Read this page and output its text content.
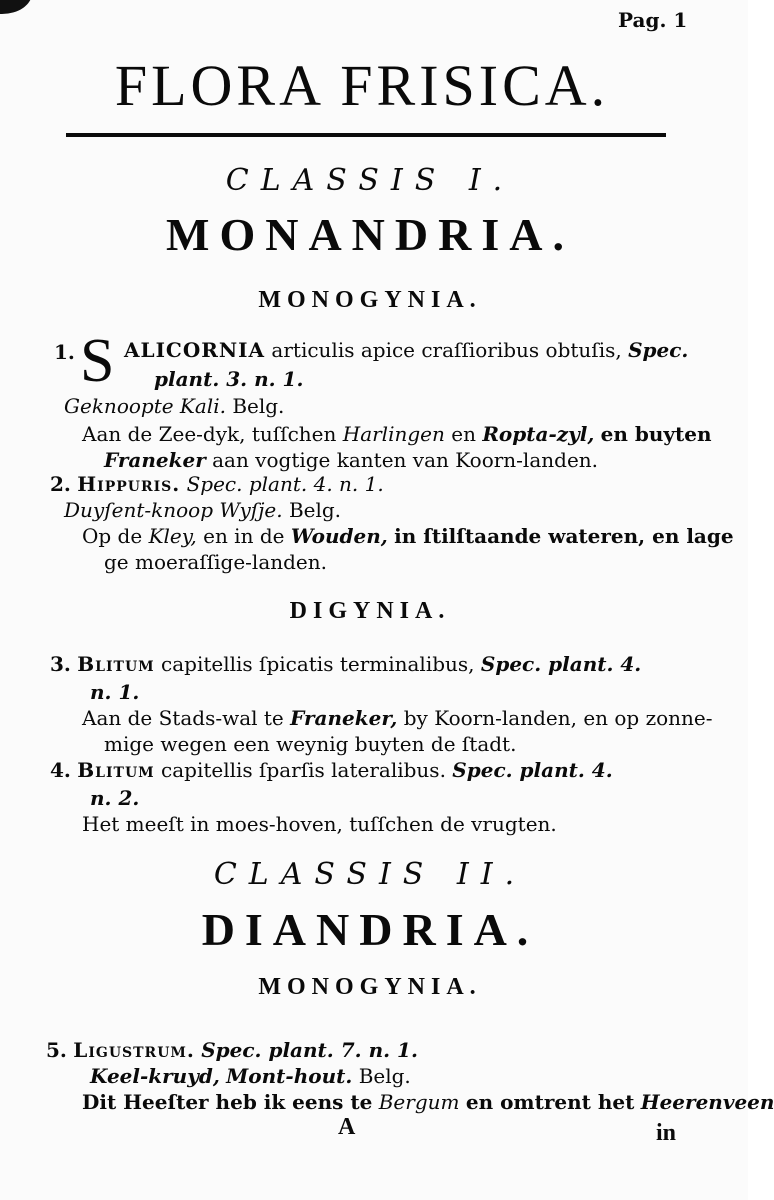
Pag. 1
FLORA FRISICA.
CLASSIS I.
MONANDRIA.
MONOGYNIA.
1. S ALICORNIA articulis apice craſſioribus obtuſis, Spec.
plant. 3. n. 1.
Geknoopte Kali. Belg.
Aan de Zee-dyk, tuſſchen Harlingen en Ropta-zyl, en buyten
Franeker aan vogtige kanten van Koorn-landen.
2. Hippuris. Spec. plant. 4. n. 1.
Duyſent-knoop Wyſje. Belg.
Op de Kley, en in de Wouden, in ſtilſtaande wateren, en lage
ge moeraſſige-landen.
DIGYNIA.
3. Blitum capitellis ſpicatis terminalibus, Spec. plant. 4.
n. 1.
Aan de Stads-wal te Franeker, by Koorn-landen, en op zonne-
mige wegen een weynig buyten de ſtadt.
4. Blitum capitellis ſparſis lateralibus. Spec. plant. 4.
n. 2.
Het meeſt in moes-hoven, tuſſchen de vrugten.
CLASSIS II.
DIANDRIA.
MONOGYNIA.
5. Ligustrum. Spec. plant. 7. n. 1.
Keel-kruyd, Mont-hout. Belg.
Dit Heeſter heb ik eens te Bergum en omtrent het Heerenveen
A	in
